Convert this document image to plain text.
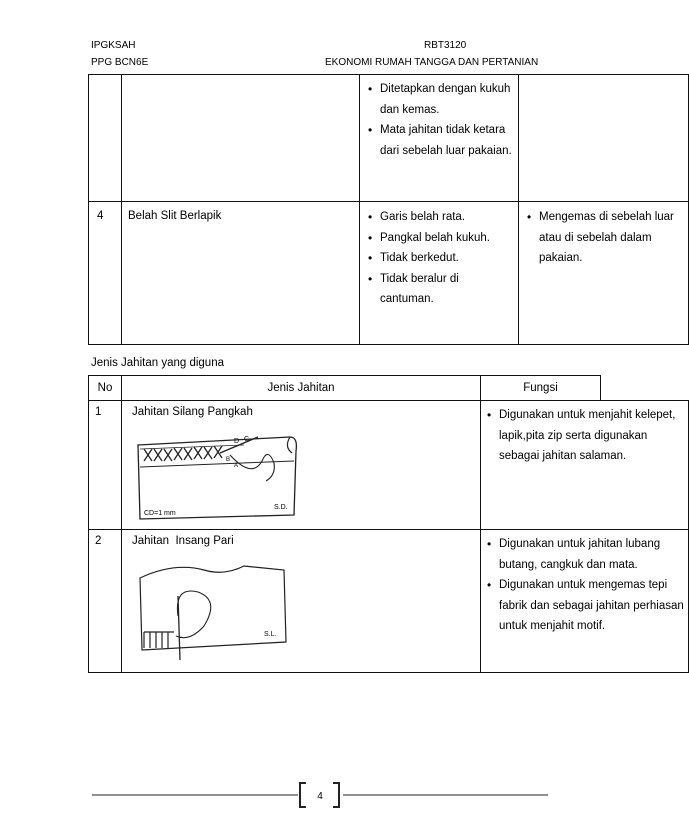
IPGKSAH
PPG BCN6E
RBT3120
EKONOMI RUMAH TANGGA DAN PERTANIAN
• Ditetapkan dengan kukuh dan kemas.
• Mata jahitan tidak ketara dari sebelah luar pakaian.
4	Belah Slit Berlapik
•	Garis belah rata.
• Pangkal belah kukuh.
• Tidak berkedut.
• Tidak beralur di cantuman.
• Mengemas di sebelah luar atau di sebelah dalam pakaian.
Jenis Jahitan yang diguna
No	Jenis Jahitan	Fungsi
1	Jahitan Silang Pangkah
D C
B
A
S.D.
CD=1 mm
• Digunakan untuk menjahit kelepet, lapik,pita zip serta digunakan sebagai jahitan salaman.
2	Jahitan  Insang Pari
S.L.
• Digunakan untuk jahitan lubang butang, cangkuk dan mata.
• Digunakan untuk mengemas tepi fabrik dan sebagai jahitan perhiasan untuk menjahit motif.
4
